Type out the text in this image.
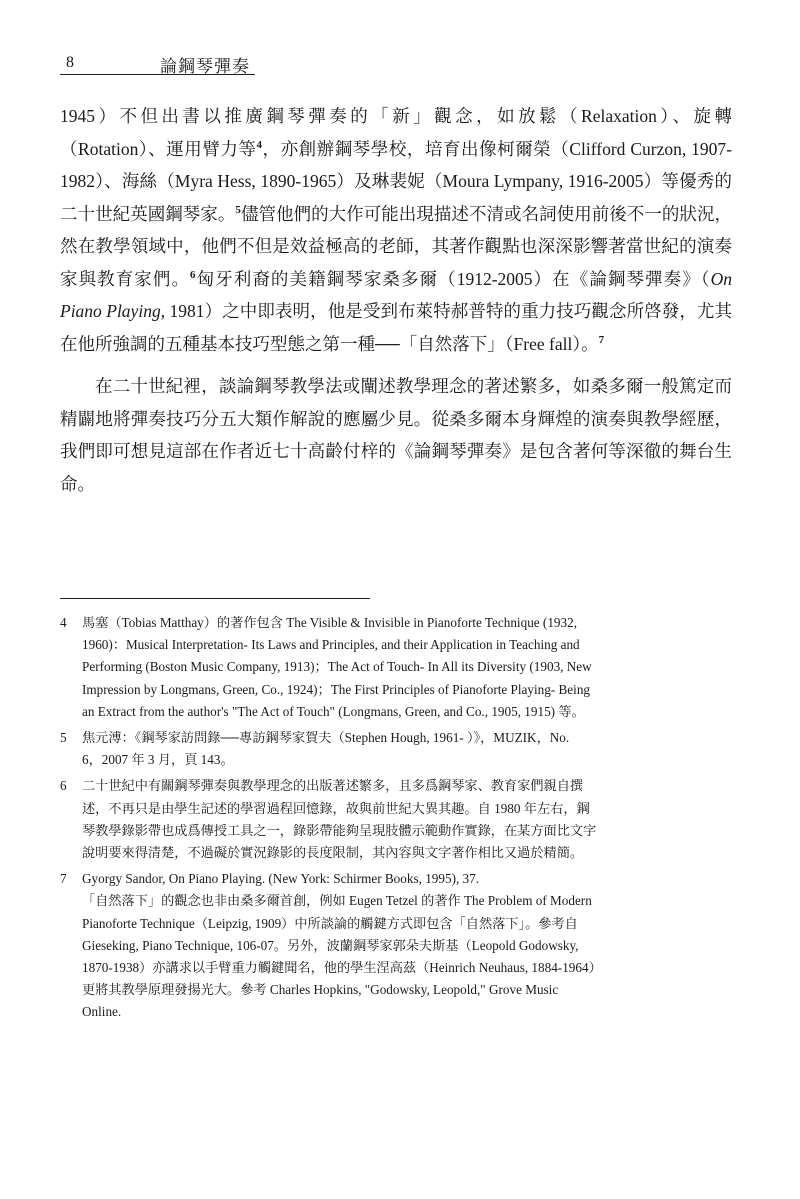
8	論鋼琴彈奏

1945）不但出書以推廣鋼琴彈奏的「新」觀念，如放鬆（Relaxation）、旋轉（Rotation）、運用臂力等$^4$，亦創辦鋼琴學校，培育出像柯爾榮（Clifford Curzon, 1907-1982）、海絲（Myra Hess, 1890-1965）及琳裴妮（Moura Lympany, 1916-2005）等優秀的二十世紀英國鋼琴家。$^5$儘管他們的大作可能出現描述不清或名詞使用前後不一的狀況，然在教學領域中，他們不但是效益極高的老師，其著作觀點也深深影響著當世紀的演奏家與教育家們。$^6$匈牙利裔的美籍鋼琴家桑多爾（1912-2005）在《論鋼琴彈奏》（On Piano Playing, 1981）之中即表明，他是受到布萊特郝普特的重力技巧觀念所啓發，尤其在他所強調的五種基本技巧型態之第一種──「自然落下」（Free fall）。$^7$

在二十世紀裡，談論鋼琴教學法或闡述教學理念的著述繁多，如桑多爾一般篤定而精闢地將彈奏技巧分五大類作解說的應屬少見。從桑多爾本身輝煌的演奏與教學經歷，我們即可想見這部在作者近七十高齡付梓的《論鋼琴彈奏》是包含著何等深徹的舞台生命。

4 馬塞（Tobias Matthay）的著作包含 The Visible & Invisible in Pianoforte Technique (1932,
1960)：Musical Interpretation- Its Laws and Principles, and their Application in Teaching and
Performing (Boston Music Company, 1913)；The Act of Touch- In All its Diversity (1903, New
Impression by Longmans, Green, Co., 1924)；The First Principles of Pianoforte Playing- Being
an Extract from the author's "The Act of Touch" (Longmans, Green, and Co., 1905, 1915) 等。
5 焦元溥：《鋼琴家訪問錄──專訪鋼琴家賀夫（Stephen Hough, 1961- ）》，MUZIK，No.
6，2007 年 3 月，頁 143。
6 二十世紀中有關鋼琴彈奏與教學理念的出版著述繁多，且多爲鋼琴家、教育家們親自撰
述，不再只是由學生記述的學習過程回憶錄，故與前世紀大異其趣。自 1980 年左右，鋼
琴教學錄影帶也成爲傳授工具之一，錄影帶能夠呈現肢體示範動作實錄，在某方面比文字
說明要來得清楚，不過礙於實況錄影的長度限制，其內容與文字著作相比又過於精簡。
7 Gyorgy Sandor, On Piano Playing. (New York: Schirmer Books, 1995), 37.
「自然落下」的觀念也非由桑多爾首創，例如 Eugen Tetzel 的著作 The Problem of Modern
Pianoforte Technique（Leipzig, 1909）中所談論的觸鍵方式即包含「自然落下」。參考自
Gieseking, Piano Technique, 106-07。另外，波蘭鋼琴家郭朵夫斯基（Leopold Godowsky,
1870-1938）亦講求以手臂重力觸鍵聞名，他的學生涅高茲（Heinrich Neuhaus, 1884-1964）
更將其教學原理發揚光大。參考 Charles Hopkins, "Godowsky, Leopold," Grove Music
Online.
